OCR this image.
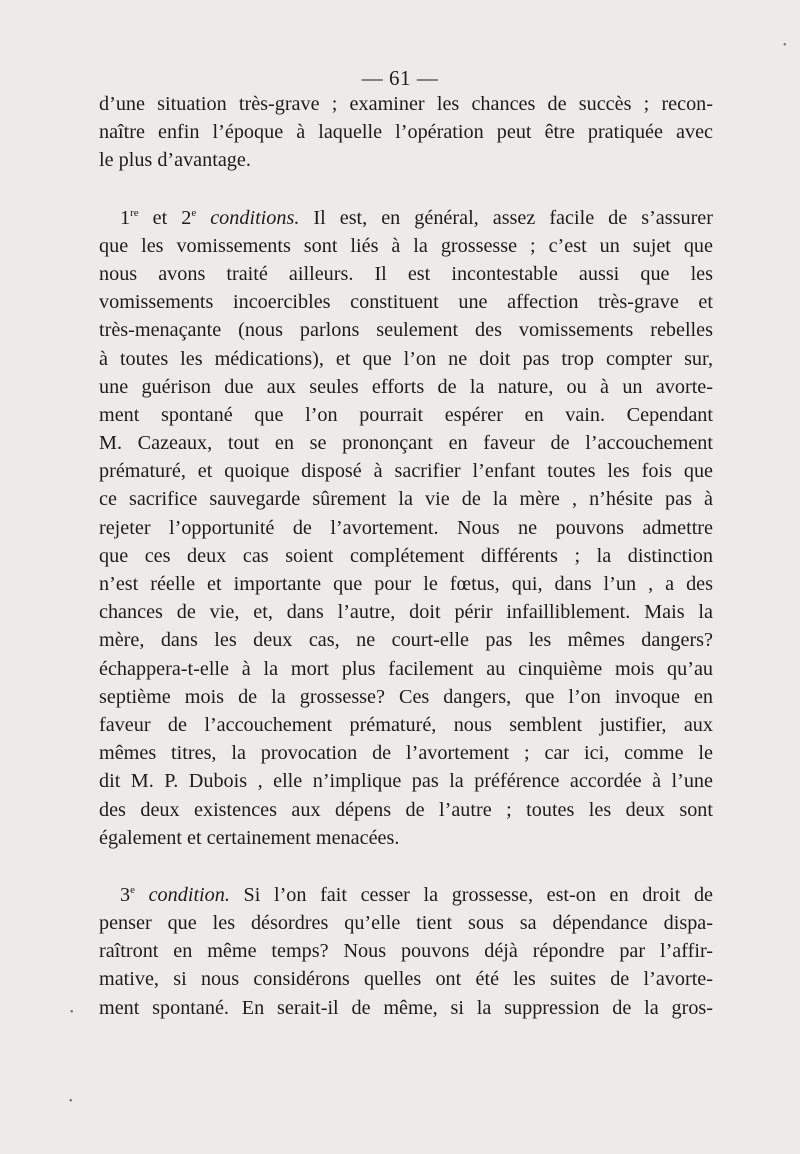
— 61 —
d’une situation très-grave ; examiner les chances de succès ; recon-
naître enfin l’époque à laquelle l’opération peut être pratiquée avec
le plus d’avantage.
1re et 2e conditions. Il est, en général, assez facile de s’assurer
que les vomissements sont liés à la grossesse ; c’est un sujet que
nous avons traité ailleurs. Il est incontestable aussi que les
vomissements incoercibles constituent une affection très-grave et
très-menaçante (nous parlons seulement des vomissements rebelles
à toutes les médications), et que l’on ne doit pas trop compter sur,
une guérison due aux seules efforts de la nature, ou à un avorte-
ment spontané que l’on pourrait espérer en vain. Cependant
M. Cazeaux, tout en se prononçant en faveur de l’accouchement
prématuré, et quoique disposé à sacrifier l’enfant toutes les fois que
ce sacrifice sauvegarde sûrement la vie de la mère , n’hésite pas à
rejeter l’opportunité de l’avortement. Nous ne pouvons admettre
que ces deux cas soient complétement différents ; la distinction
n’est réelle et importante que pour le fœtus, qui, dans l’un , a des
chances de vie, et, dans l’autre, doit périr infailliblement. Mais la
mère, dans les deux cas, ne court-elle pas les mêmes dangers?
échappera-t-elle à la mort plus facilement au cinquième mois qu’au
septième mois de la grossesse? Ces dangers, que l’on invoque en
faveur de l’accouchement prématuré, nous semblent justifier, aux
mêmes titres, la provocation de l’avortement ; car ici, comme le
dit M. P. Dubois , elle n’implique pas la préférence accordée à l’une
des deux existences aux dépens de l’autre ; toutes les deux sont
également et certainement menacées.
3e condition. Si l’on fait cesser la grossesse, est-on en droit de
penser que les désordres qu’elle tient sous sa dépendance dispa-
raîtront en même temps? Nous pouvons déjà répondre par l’affir-
mative, si nous considérons quelles ont été les suites de l’avorte-
ment spontané. En serait-il de même, si la suppression de la gros-
•
•
•
